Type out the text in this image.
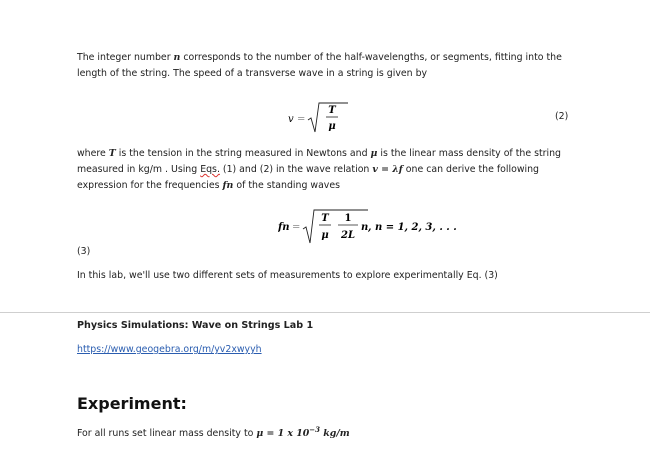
The integer number n corresponds to the number of the half-wavelengths, or segments, fitting into the
length of the string. The speed of a transverse wave in a string is given by
v =
T
μ
(2)
where T is the tension in the string measured in Newtons and μ is the linear mass density of the string
measured in kg/m . Using Eqs. (1) and (2) in the wave relation v = λf one can derive the following
expression for the frequencies fn of the standing waves
fn =
T
μ
1
2L
n , n = 1, 2, 3, . . .
(3)
In this lab, we'll use two different sets of measurements to explore experimentally Eq. (3)
Physics Simulations: Wave on Strings Lab 1
https://www.geogebra.org/m/yv2xwyyh
Experiment:
For all runs set linear mass density to μ = 1 x $10^{-3}$ kg/m
